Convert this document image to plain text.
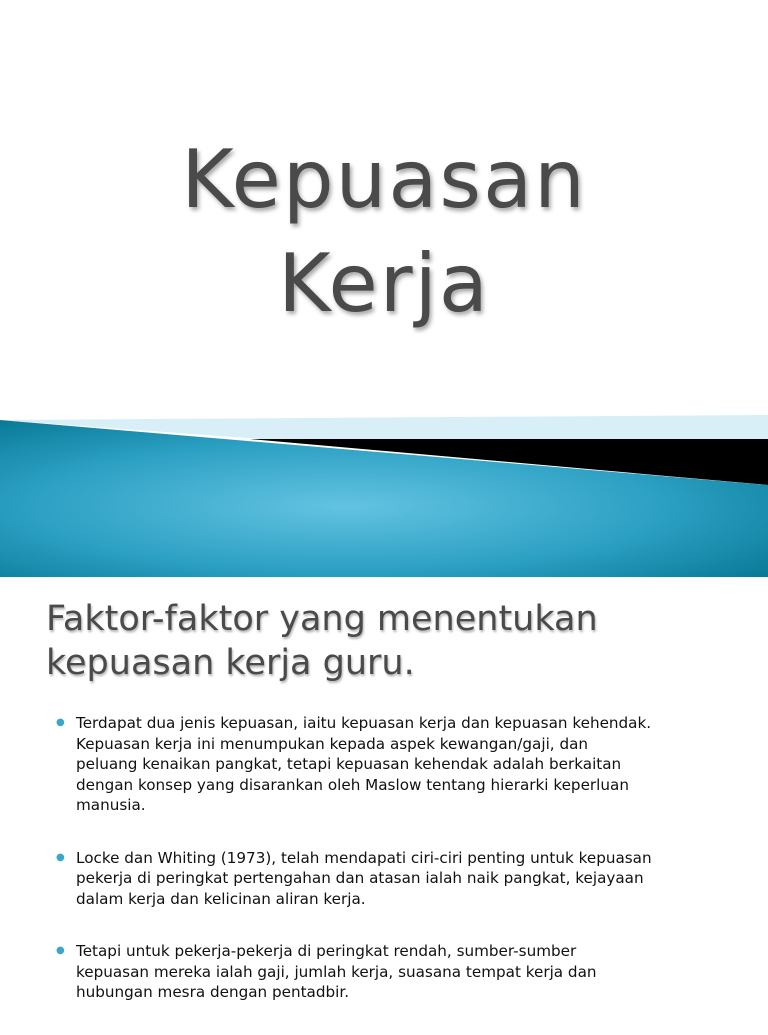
Kepuasan
Kerja
Faktor-faktor yang menentukan
kepuasan kerja guru.
● Terdapat dua jenis kepuasan, iaitu kepuasan kerja dan kepuasan kehendak.
Kepuasan kerja ini menumpukan kepada aspek kewangan/gaji, dan
peluang kenaikan pangkat, tetapi kepuasan kehendak adalah berkaitan
dengan konsep yang disarankan oleh Maslow tentang hierarki keperluan
manusia.
● Locke dan Whiting (1973), telah mendapati ciri-ciri penting untuk kepuasan
pekerja di peringkat pertengahan dan atasan ialah naik pangkat, kejayaan
dalam kerja dan kelicinan aliran kerja.
● Tetapi untuk pekerja-pekerja di peringkat rendah, sumber-sumber
kepuasan mereka ialah gaji, jumlah kerja, suasana tempat kerja dan
hubungan mesra dengan pentadbir.
